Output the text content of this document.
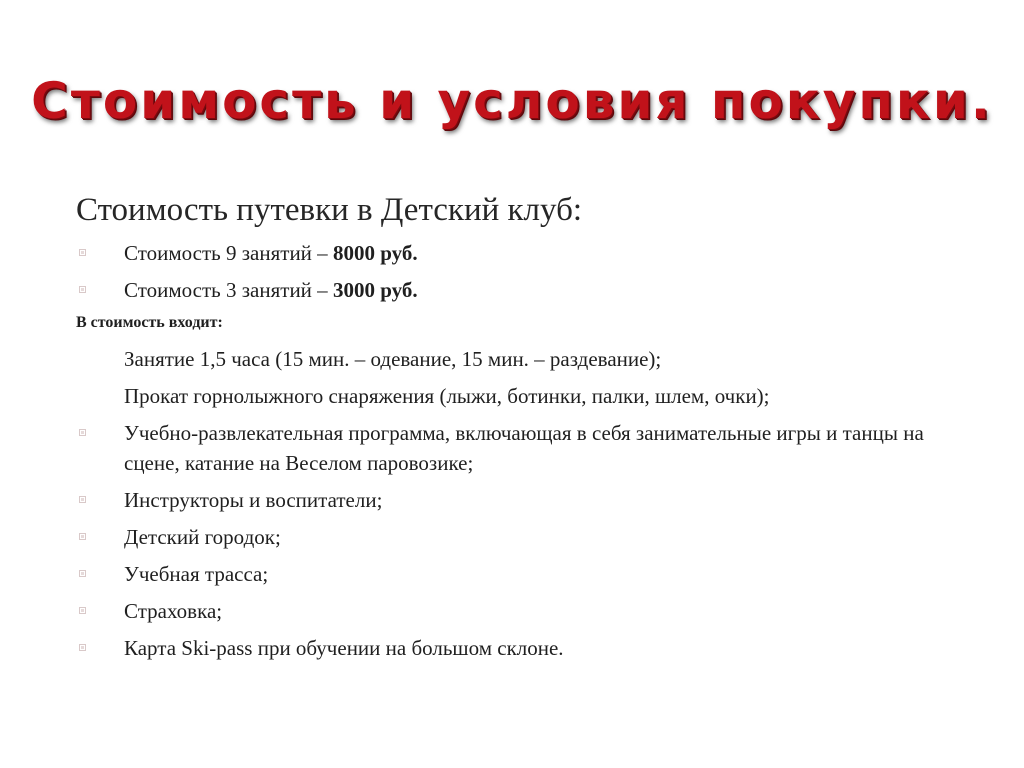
Стоимость и условия покупки.
Стоимость путевки в Детский клуб:
Стоимость 9 занятий – 8000 руб.
Стоимость 3 занятий – 3000 руб.
В стоимость входит:
Занятие 1,5 часа (15 мин. – одевание, 15 мин. – раздевание);
Прокат горнолыжного снаряжения (лыжи, ботинки, палки, шлем, очки);
Учебно-развлекательная программа, включающая в себя занимательные игры и танцы на сцене, катание на Веселом паровозике;
Инструкторы и воспитатели;
Детский городок;
Учебная трасса;
Страховка;
Карта Ski-pass при обучении на большом склоне.
